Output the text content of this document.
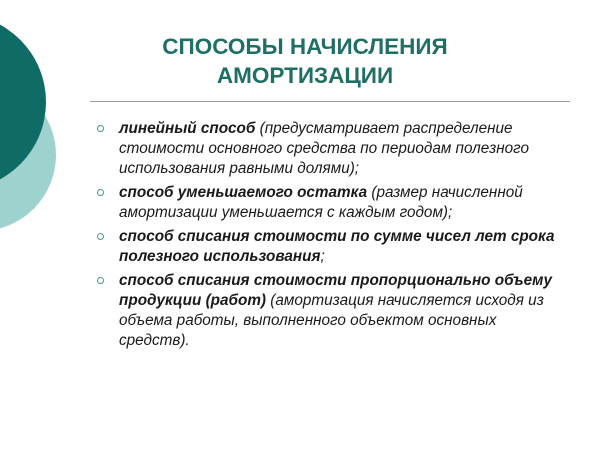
СПОСОБЫ НАЧИСЛЕНИЯ
АМОРТИЗАЦИИ
линейный способ (предусматривает распределение стоимости основного средства по периодам полезного использования равными долями);
способ уменьшаемого остатка (размер начисленной амортизации уменьшается с каждым годом);
способ списания стоимости по сумме чисел лет срока полезного использования;
способ списания стоимости пропорционально объему продукции (работ) (амортизация начисляется исходя из объема работы, выполненного объектом основных средств).
